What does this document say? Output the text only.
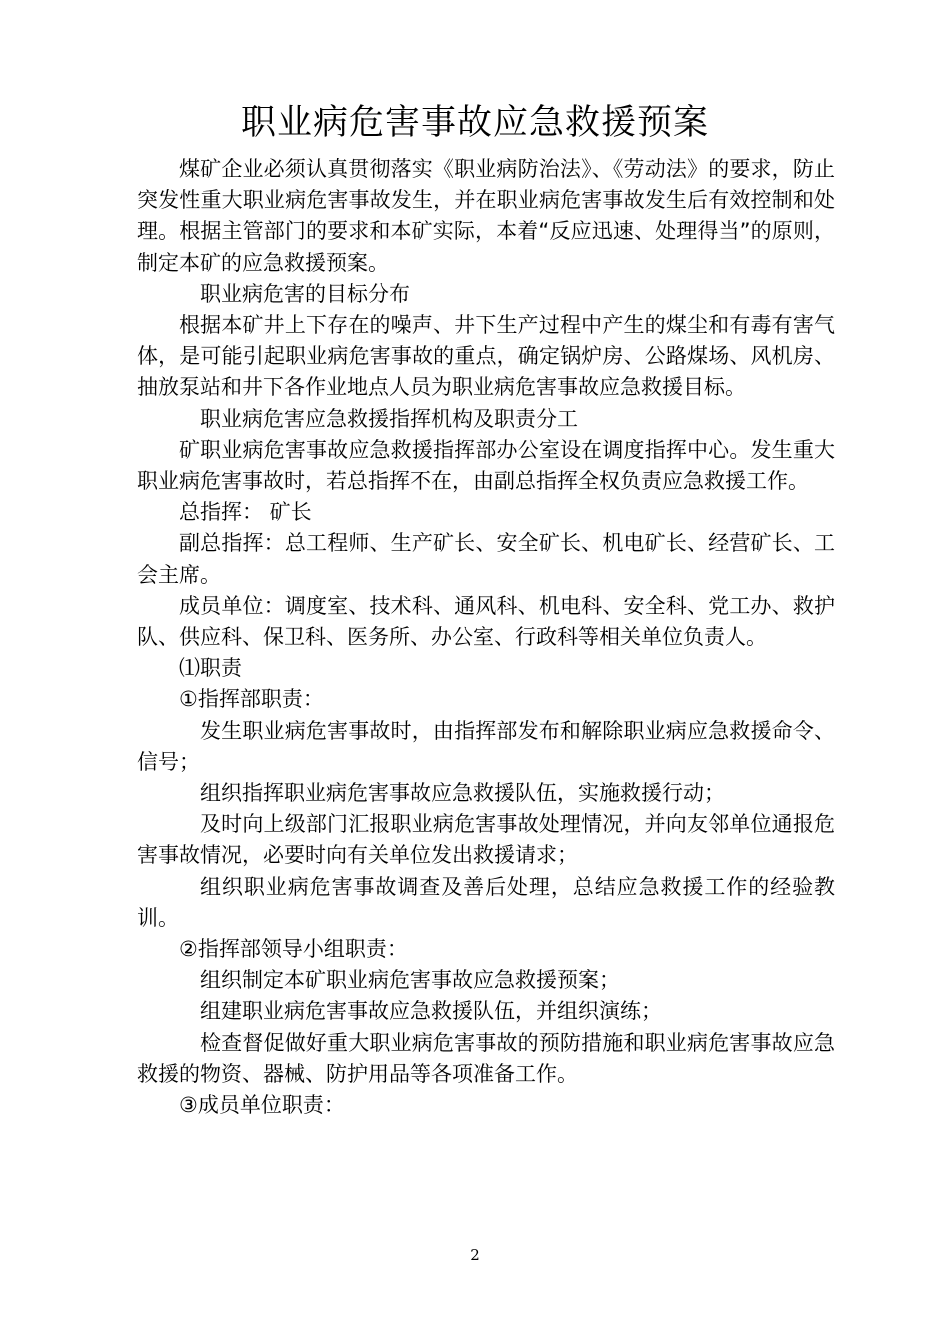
职业病危害事故应急救援预案

煤矿企业必须认真贯彻落实《职业病防治法》、《劳动法》的要求，防止突发性重大职业病危害事故发生，并在职业病危害事故发生后有效控制和处理。根据主管部门的要求和本矿实际，本着“反应迅速、处理得当”的原则，制定本矿的应急救援预案。

职业病危害的目标分布

根据本矿井上下存在的噪声、井下生产过程中产生的煤尘和有毒有害气体，是可能引起职业病危害事故的重点，确定锅炉房、公路煤场、风机房、抽放泵站和井下各作业地点人员为职业病危害事故应急救援目标。

职业病危害应急救援指挥机构及职责分工

矿职业病危害事故应急救援指挥部办公室设在调度指挥中心。发生重大职业病危害事故时，若总指挥不在，由副总指挥全权负责应急救援工作。

总指挥： 矿长

副总指挥：总工程师、生产矿长、安全矿长、机电矿长、经营矿长、工会主席。

成员单位：调度室、技术科、通风科、机电科、安全科、党工办、救护队、供应科、保卫科、医务所、办公室、行政科等相关单位负责人。

⑴职责

①指挥部职责：

发生职业病危害事故时，由指挥部发布和解除职业病应急救援命令、信号；

组织指挥职业病危害事故应急救援队伍，实施救援行动；

及时向上级部门汇报职业病危害事故处理情况，并向友邻单位通报危害事故情况，必要时向有关单位发出救援请求；

组织职业病危害事故调查及善后处理，总结应急救援工作的经验教训。

②指挥部领导小组职责：

组织制定本矿职业病危害事故应急救援预案；

组建职业病危害事故应急救援队伍，并组织演练；

检查督促做好重大职业病危害事故的预防措施和职业病危害事故应急救援的物资、器械、防护用品等各项准备工作。

③成员单位职责：

2
